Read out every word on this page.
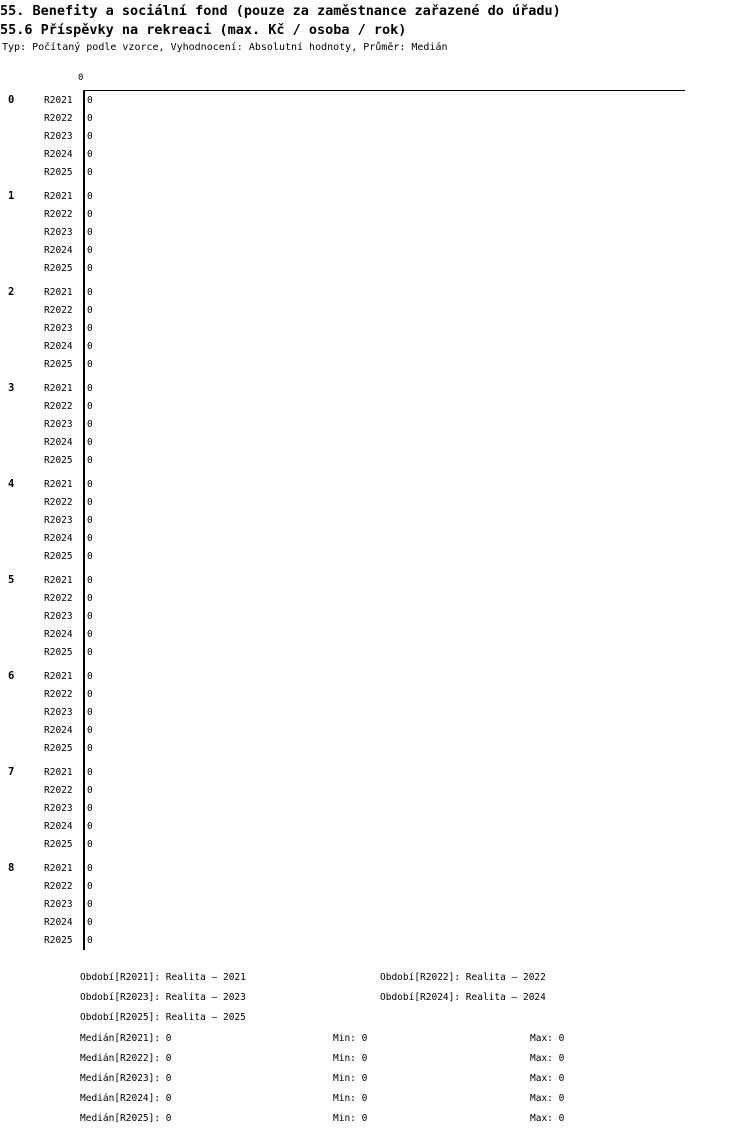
55. Benefity a sociální fond (pouze za zaměstnance zařazené do úřadu)
55.6 Příspěvky na rekreaci (max. Kč / osoba / rok)
Typ: Počítaný podle vzorce, Vyhodnocení: Absolutní hodnoty, Průměr: Medián
0
0	R2021 0
R2022 0
R2023 0
R2024 0
R2025 0
1	R2021 0
R2022 0
R2023 0
R2024 0
R2025 0
2	R2021 0
R2022 0
R2023 0
R2024 0
R2025 0
3	R2021 0
R2022 0
R2023 0
R2024 0
R2025 0
4	R2021 0
R2022 0
R2023 0
R2024 0
R2025 0
5	R2021 0
R2022 0
R2023 0
R2024 0
R2025 0
6	R2021 0
R2022 0
R2023 0
R2024 0
R2025 0
7	R2021 0
R2022 0
R2023 0
R2024 0
R2025 0
8	R2021 0
R2022 0
R2023 0
R2024 0
R2025 0
Období[R2021]: Realita – 2021	Období[R2022]: Realita – 2022
Období[R2023]: Realita – 2023	Období[R2024]: Realita – 2024
Období[R2025]: Realita – 2025
Medián[R2021]: 0	Min: 0	Max: 0
Medián[R2022]: 0	Min: 0	Max: 0
Medián[R2023]: 0	Min: 0	Max: 0
Medián[R2024]: 0	Min: 0	Max: 0
Medián[R2025]: 0	Min: 0	Max: 0
